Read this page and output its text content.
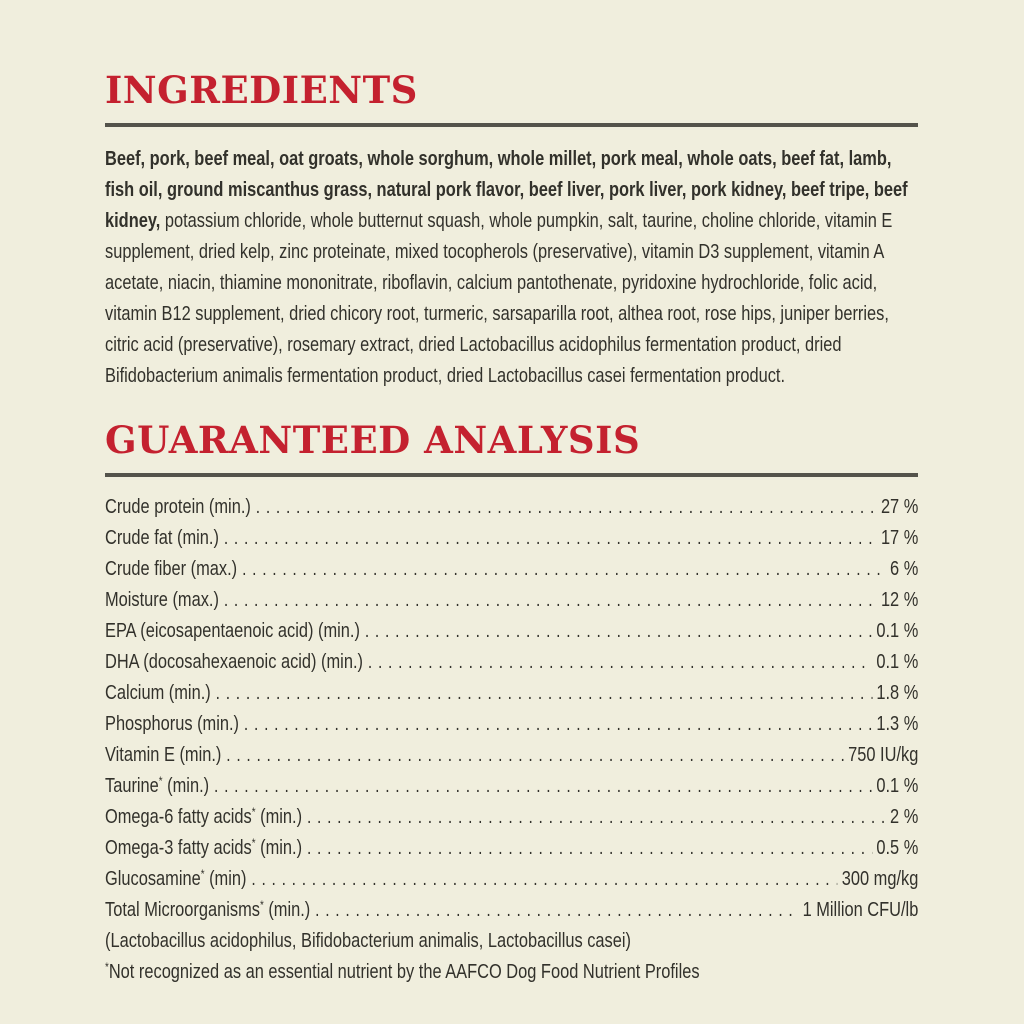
INGREDIENTS

Beef, pork, beef meal, oat groats, whole sorghum, whole millet, pork meal, whole oats, beef fat, lamb, fish oil, ground miscanthus grass, natural pork flavor, beef liver, pork liver, pork kidney, beef tripe, beef kidney, potassium chloride, whole butternut squash, whole pumpkin, salt, taurine, choline chloride, vitamin E supplement, dried kelp, zinc proteinate, mixed tocopherols (preservative), vitamin D3 supplement, vitamin A acetate, niacin, thiamine mononitrate, riboflavin, calcium pantothenate, pyridoxine hydrochloride, folic acid, vitamin B12 supplement, dried chicory root, turmeric, sarsaparilla root, althea root, rose hips, juniper berries, citric acid (preservative), rosemary extract, dried Lactobacillus acidophilus fermentation product, dried Bifidobacterium animalis fermentation product, dried Lactobacillus casei fermentation product.

GUARANTEED ANALYSIS
Crude protein (min.) .....	27 %
Crude fat (min.) .....	17 %
Crude fiber (max.) .....	6 %
Moisture (max.) .....	12 %
EPA (eicosapentaenoic acid) (min.) .....	0.1 %
DHA (docosahexaenoic acid) (min.) .....	0.1 %
Calcium (min.) .....	1.8 %
Phosphorus (min.) .....	1.3 %
Vitamin E (min.) .....	750 IU/kg
Taurine* (min.) .....	0.1 %
Omega-6 fatty acids* (min.) .....	2 %
Omega-3 fatty acids* (min.) .....	0.5 %
Glucosamine* (min) .....	300 mg/kg
Total Microorganisms* (min.) .....	1 Million CFU/lb
(Lactobacillus acidophilus, Bifidobacterium animalis, Lactobacillus casei)
*Not recognized as an essential nutrient by the AAFCO Dog Food Nutrient Profiles
